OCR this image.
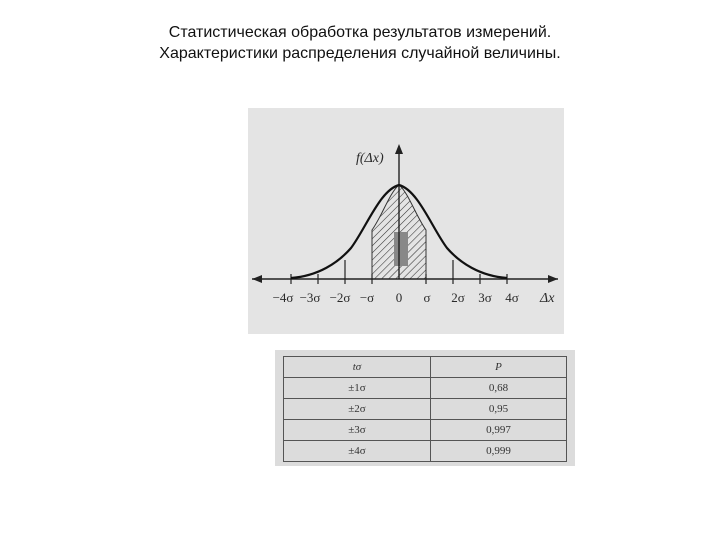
Статистическая обработка результатов измерений.
Характеристики распределения случайной величины.
f(Δx)
Δx
−4σ −3σ −2σ −σ 0 σ 2σ 3σ 4σ
tσ	P
±1σ	0,68
±2σ	0,95
±3σ	0,997
±4σ	0,999
